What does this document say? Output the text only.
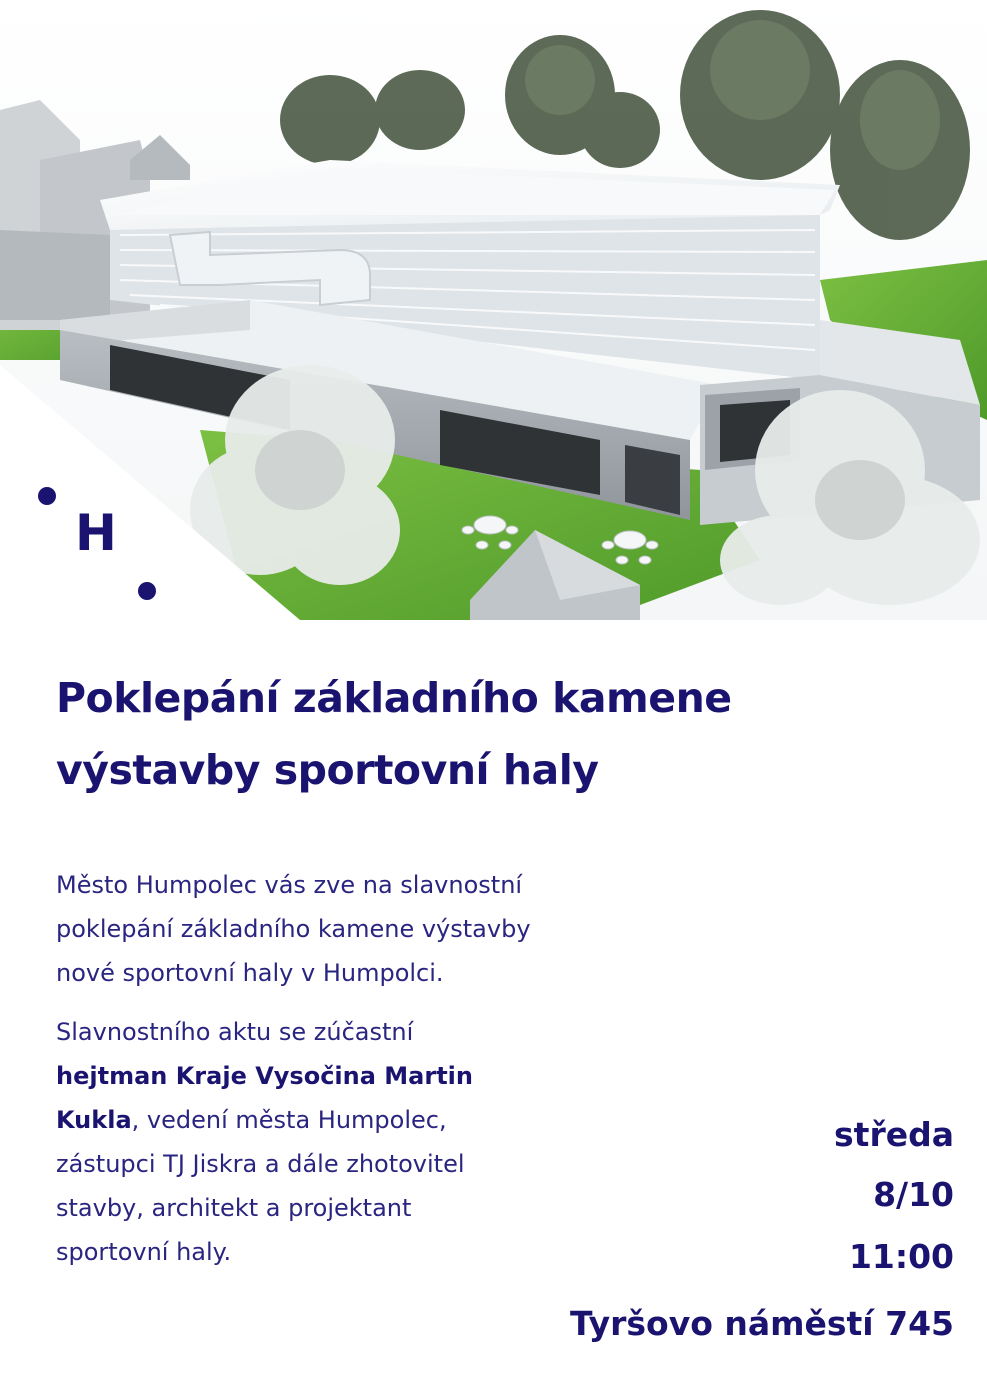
H
Poklepání základního kamene
výstavby sportovní haly
Město Humpolec vás zve na slavnostní
poklepání základního kamene výstavby
nové sportovní haly v Humpolci.
Slavnostního aktu se zúčastní
hejtman Kraje Vysočina Martin
Kukla, vedení města Humpolec,
zástupci TJ Jiskra a dále zhotovitel
stavby, architekt a projektant
sportovní haly.
středa
8/10
11:00
Tyršovo náměstí 745
